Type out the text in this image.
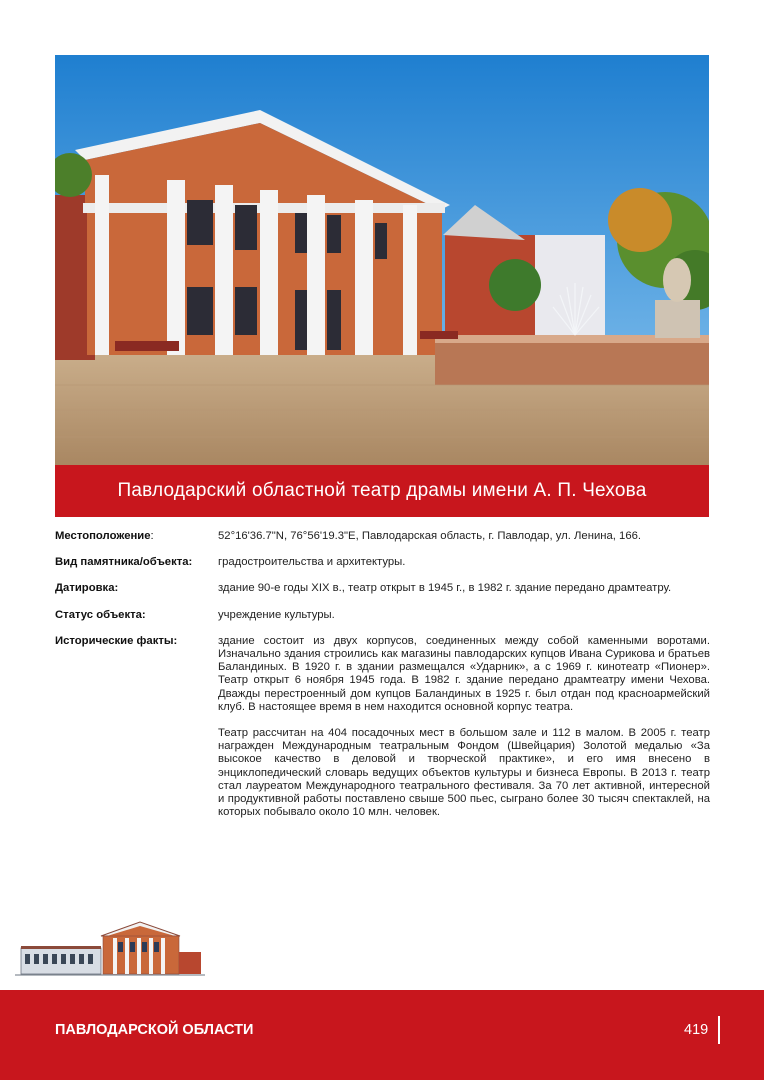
Павлодарский областной театр драмы имени А. П. Чехова
Местоположение:	52°16'36.7"N, 76°56'19.3"E, Павлодарская область, г. Павлодар, ул. Ленина, 166.
Вид памятника/объекта:	градостроительства и архитектуры.
Датировка:	здание 90-е годы XIX в., театр открыт в 1945 г., в 1982 г. здание передано драмтеатру.
Статус объекта:	учреждение культуры.
Исторические факты:	здание состоит из двух корпусов, соединенных между собой каменными воротами. Изначально здания строились как магазины павлодарских купцов Ивана Сурикова и братьев Баландиных. В 1920 г. в здании размещался «Ударник», а с 1969 г. кинотеатр «Пионер». Театр открыт 6 ноября 1945 года. В 1982 г. здание передано драмтеатру имени Чехова. Дважды перестроенный дом купцов Баландиных в 1925 г. был отдан под красноармейский клуб. В настоящее время в нем находится основной корпус театра.

Театр рассчитан на 404 посадочных мест в большом зале и 112 в малом. В 2005 г. театр награжден Международным театральным Фондом (Швейцария) Золотой медалью «За высокое качество в деловой и творческой практике», и его имя внесено в энциклопедический словарь ведущих объектов культуры и бизнеса Европы. В 2013 г. театр стал лауреатом Международного театрального фестиваля. За 70 лет активной, интересной и продуктивной работы поставлено свыше 500 пьес, сыграно более 30 тысяч спектаклей, на которых побывало около 10 млн. человек.

ПАВЛОДАРСКОЙ ОБЛАСТИ	419
